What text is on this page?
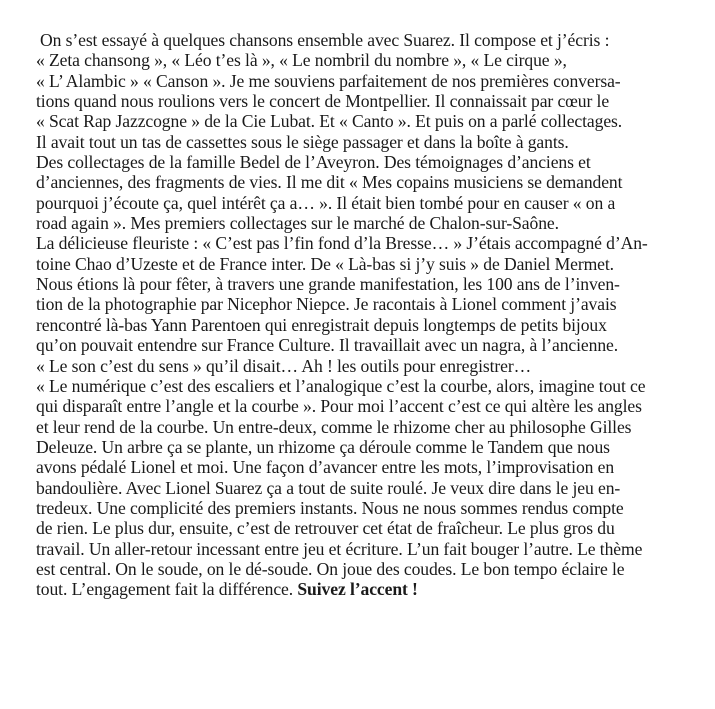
On s’est essayé à quelques chansons ensemble avec Suarez. Il compose et j’écris :
« Zeta chansong », « Léo t’es là », « Le nombril du nombre », « Le cirque »,
« L’ Alambic » « Canson ». Je me souviens parfaitement de nos premières conversa-
tions quand nous roulions vers le concert de Montpellier. Il connaissait par cœur le
« Scat Rap Jazzcogne » de la Cie Lubat. Et « Canto ». Et puis on a parlé collectages.
Il avait tout un tas de cassettes sous le siège passager et dans la boîte à gants.
Des collectages de la famille Bedel de l’Aveyron. Des témoignages d’anciens et
d’anciennes, des fragments de vies. Il me dit « Mes copains musiciens se demandent
pourquoi j’écoute ça, quel intérêt ça a… ». Il était bien tombé pour en causer « on a
road again ». Mes premiers collectages sur le marché de Chalon-sur-Saône.
La délicieuse fleuriste : « C’est pas l’fin fond d’la Bresse… » J’étais accompagné d’An-
toine Chao d’Uzeste et de France inter. De « Là-bas si j’y suis » de Daniel Mermet.
Nous étions là pour fêter, à travers une grande manifestation, les 100 ans de l’inven-
tion de la photographie par Nicephor Niepce. Je racontais à Lionel comment j’avais
rencontré là-bas Yann Parentoen qui enregistrait depuis longtemps de petits bijoux
qu’on pouvait entendre sur France Culture. Il travaillait avec un nagra, à l’ancienne.
« Le son c’est du sens » qu’il disait… Ah ! les outils pour enregistrer…
« Le numérique c’est des escaliers et l’analogique c’est la courbe, alors, imagine tout ce
qui disparaît entre l’angle et la courbe ». Pour moi l’accent c’est ce qui altère les angles
et leur rend de la courbe. Un entre-deux, comme le rhizome cher au philosophe Gilles
Deleuze. Un arbre ça se plante, un rhizome ça déroule comme le Tandem que nous
avons pédalé Lionel et moi. Une façon d’avancer entre les mots, l’improvisation en
bandoulière. Avec Lionel Suarez ça a tout de suite roulé. Je veux dire dans le jeu en-
tredeux. Une complicité des premiers instants. Nous ne nous sommes rendus compte
de rien. Le plus dur, ensuite, c’est de retrouver cet état de fraîcheur. Le plus gros du
travail. Un aller-retour incessant entre jeu et écriture. L’un fait bouger l’autre. Le thème
est central. On le soude, on le dé-soude. On joue des coudes. Le bon tempo éclaire le
tout. L’engagement fait la différence. Suivez l’accent !
